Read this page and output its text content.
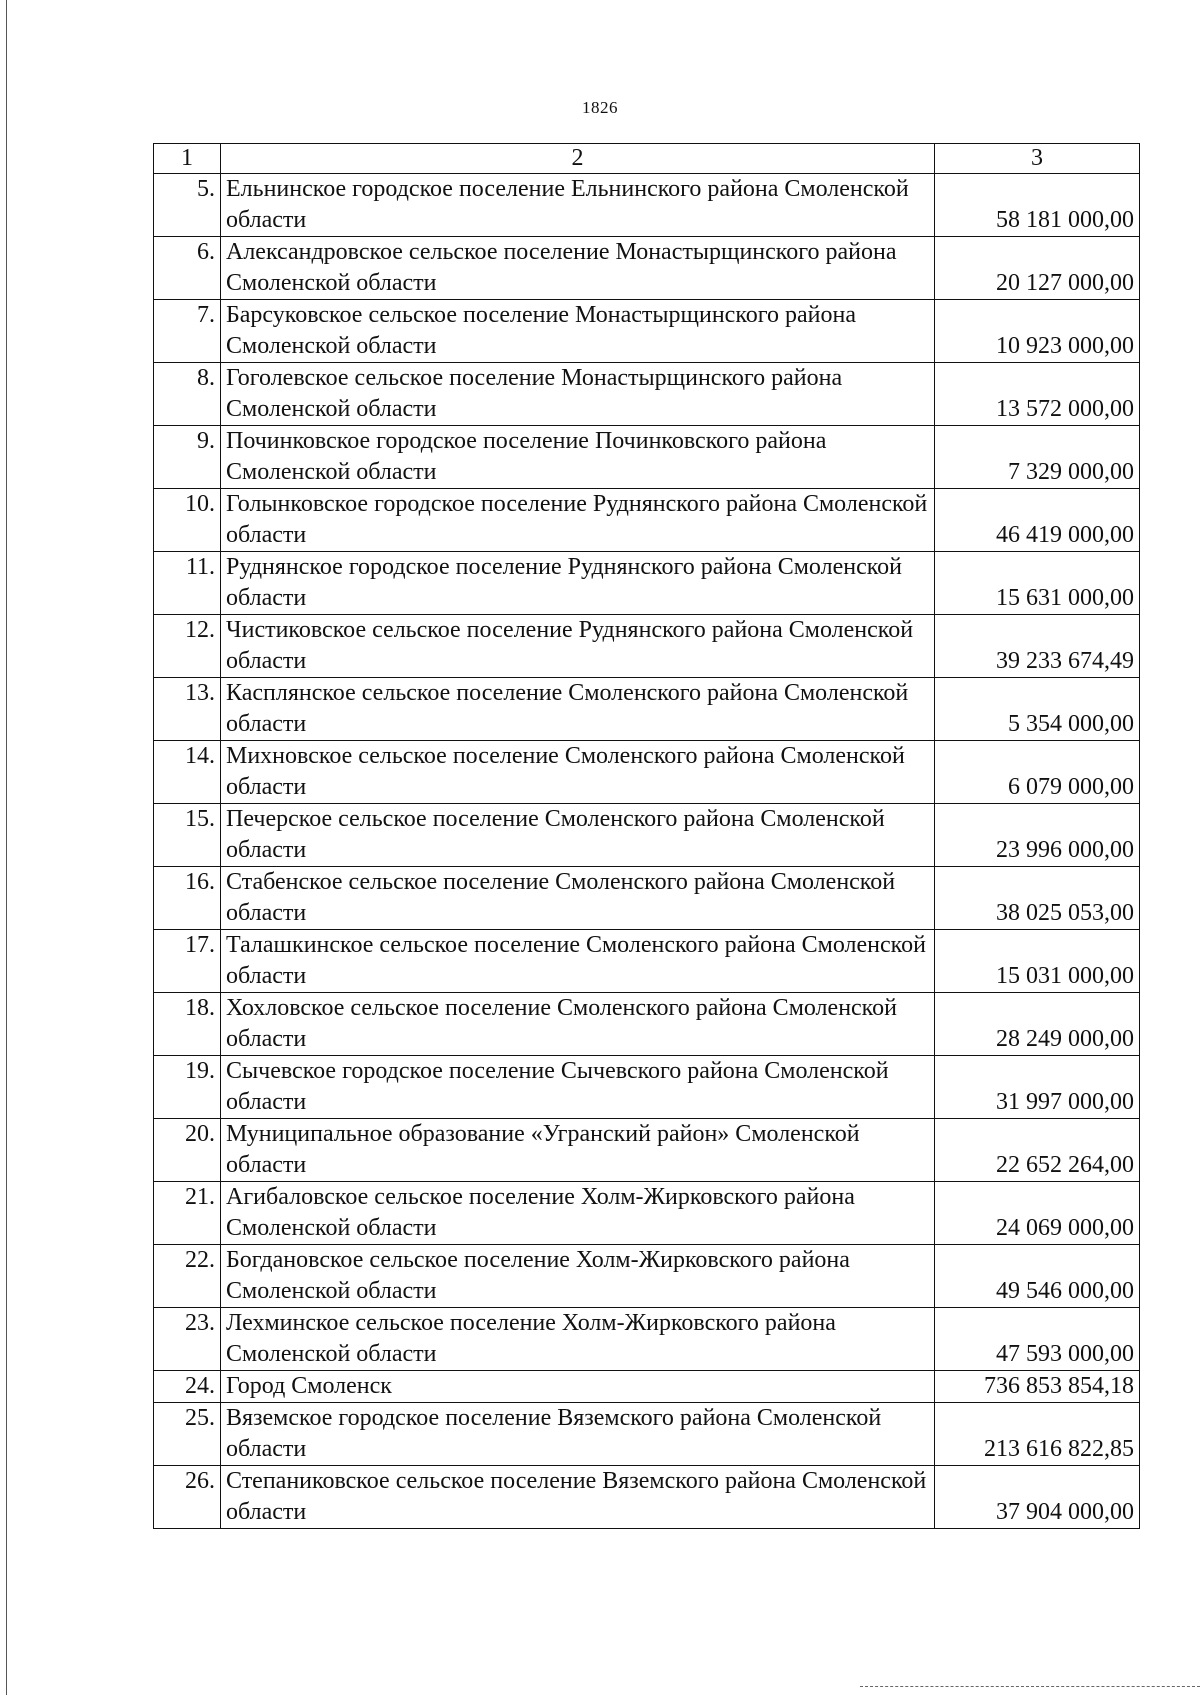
1826
1	2	3
5.	Ельнинское городское поселение Ельнинского района Смоленской области	58 181 000,00
6.	Александровское сельское поселение Монастырщинского района Смоленской области	20 127 000,00
7.	Барсуковское сельское поселение Монастырщинского района Смоленской области	10 923 000,00
8.	Гоголевское сельское поселение Монастырщинского района Смоленской области	13 572 000,00
9.	Починковское городское поселение Починковского района Смоленской области	7 329 000,00
10.	Голынковское городское поселение Руднянского района Смоленской области	46 419 000,00
11.	Руднянское городское поселение Руднянского района Смоленской области	15 631 000,00
12.	Чистиковское сельское поселение Руднянского района Смоленской области	39 233 674,49
13.	Касплянское сельское поселение Смоленского района Смоленской области	5 354 000,00
14.	Михновское сельское поселение Смоленского района Смоленской области	6 079 000,00
15.	Печерское сельское поселение Смоленского района Смоленской области	23 996 000,00
16.	Стабенское сельское поселение Смоленского района Смоленской области	38 025 053,00
17.	Талашкинское сельское поселение Смоленского района Смоленской области	15 031 000,00
18.	Хохловское сельское поселение Смоленского района Смоленской области	28 249 000,00
19.	Сычевское городское поселение Сычевского района Смоленской области	31 997 000,00
20.	Муниципальное образование «Угранский район» Смоленской области	22 652 264,00
21.	Агибаловское сельское поселение Холм-Жирковского района Смоленской области	24 069 000,00
22.	Богдановское сельское поселение Холм-Жирковского района Смоленской области	49 546 000,00
23.	Лехминское сельское поселение Холм-Жирковского района Смоленской области	47 593 000,00
24.	Город Смоленск	736 853 854,18
25.	Вяземское городское поселение Вяземского района Смоленской области	213 616 822,85
26.	Степаниковское сельское поселение Вяземского района Смоленской области	37 904 000,00
